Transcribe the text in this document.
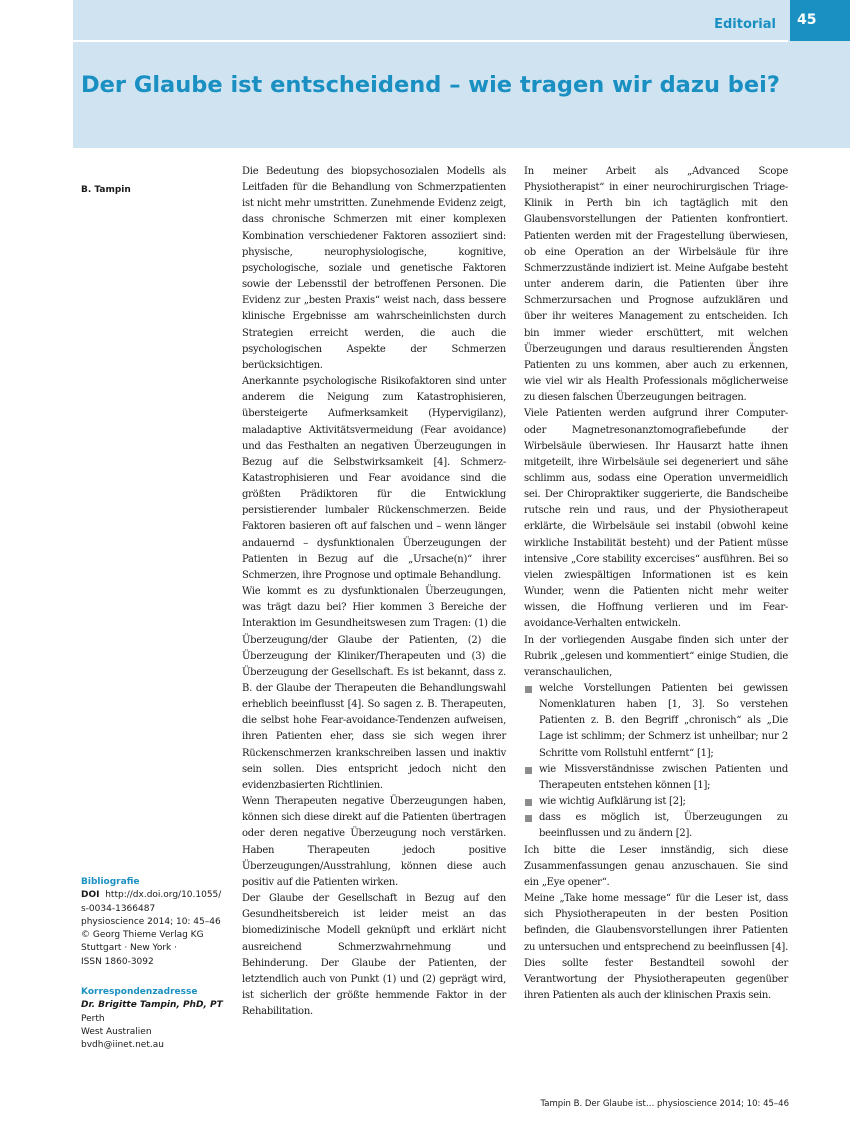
Editorial	45
Der Glaube ist entscheidend – wie tragen wir dazu bei?
B. Tampin
Bibliografie
DOI http://dx.doi.org/10.1055/
s-0034-1366487
physioscience 2014; 10: 45–46
© Georg Thieme Verlag KG
Stuttgart · New York ·
ISSN 1860-3092
Korrespondenzadresse
Dr. Brigitte Tampin, PhD, PT
Perth
West Australien
bvdh@iinet.net.au

Die Bedeutung des biopsychosozialen Modells als Leitfaden für die Behandlung von Schmerzpatienten ist nicht mehr umstritten. Zunehmende Evidenz zeigt, dass chronische Schmerzen mit einer komplexen Kombination verschiedener Faktoren assoziiert sind: physische, neurophysiologische, kognitive, psychologische, soziale und genetische Faktoren sowie der Lebensstil der betroffenen Personen. Die Evidenz zur „besten Praxis“ weist nach, dass bessere klinische Ergebnisse am wahrscheinlichsten durch Strategien erreicht werden, die auch die psychologischen Aspekte der Schmerzen berücksichtigen.

Anerkannte psychologische Risikofaktoren sind unter anderem die Neigung zum Katastrophisieren, übersteigerte Aufmerksamkeit (Hypervigilanz), maladaptive Aktivitätsvermeidung (Fear avoidance) und das Festhalten an negativen Überzeugungen in Bezug auf die Selbstwirksamkeit [4]. Schmerz-Katastrophisieren und Fear avoidance sind die größten Prädiktoren für die Entwicklung persistierender lumbaler Rückenschmerzen. Beide Faktoren basieren oft auf falschen und – wenn länger andauernd – dysfunktionalen Überzeugungen der Patienten in Bezug auf die „Ursache(n)“ ihrer Schmerzen, ihre Prognose und optimale Behandlung.

Wie kommt es zu dysfunktionalen Überzeugungen, was trägt dazu bei? Hier kommen 3 Bereiche der Interaktion im Gesundheitswesen zum Tragen: (1) die Überzeugung/der Glaube der Patienten, (2) die Überzeugung der Kliniker/Therapeuten und (3) die Überzeugung der Gesellschaft. Es ist bekannt, dass z. B. der Glaube der Therapeuten die Behandlungswahl erheblich beeinflusst [4]. So sagen z. B. Therapeuten, die selbst hohe Fear-avoidance-Tendenzen aufweisen, ihren Patienten eher, dass sie sich wegen ihrer Rückenschmerzen krankschreiben lassen und inaktiv sein sollen. Dies entspricht jedoch nicht den evidenzbasierten Richtlinien.

Wenn Therapeuten negative Überzeugungen haben, können sich diese direkt auf die Patienten übertragen oder deren negative Überzeugung noch verstärken. Haben Therapeuten jedoch positive Überzeugungen/Ausstrahlung, können diese auch positiv auf die Patienten wirken.

Der Glaube der Gesellschaft in Bezug auf den Gesundheitsbereich ist leider meist an das biomedizinische Modell geknüpft und erklärt nicht ausreichend Schmerzwahrnehmung und Behinderung. Der Glaube der Patienten, der letztendlich auch von Punkt (1) und (2) geprägt wird, ist sicherlich der größte hemmende Faktor in der Rehabilitation.

In meiner Arbeit als „Advanced Scope Physiotherapist“ in einer neurochirurgischen Triage-Klinik in Perth bin ich tagtäglich mit den Glaubensvorstellungen der Patienten konfrontiert. Patienten werden mit der Fragestellung überwiesen, ob eine Operation an der Wirbelsäule für ihre Schmerzzustände indiziert ist. Meine Aufgabe besteht unter anderem darin, die Patienten über ihre Schmerzursachen und Prognose aufzuklären und über ihr weiteres Management zu entscheiden. Ich bin immer wieder erschüttert, mit welchen Überzeugungen und daraus resultierenden Ängsten Patienten zu uns kommen, aber auch zu erkennen, wie viel wir als Health Professionals möglicherweise zu diesen falschen Überzeugungen beitragen.

Viele Patienten werden aufgrund ihrer Computer- oder Magnetresonanztomografiebefunde der Wirbelsäule überwiesen. Ihr Hausarzt hatte ihnen mitgeteilt, ihre Wirbelsäule sei degeneriert und sähe schlimm aus, sodass eine Operation unvermeidlich sei. Der Chiropraktiker suggerierte, die Bandscheibe rutsche rein und raus, und der Physiotherapeut erklärte, die Wirbelsäule sei instabil (obwohl keine wirkliche Instabilität besteht) und der Patient müsse intensive „Core stability excercises“ ausführen. Bei so vielen zwiespältigen Informationen ist es kein Wunder, wenn die Patienten nicht mehr weiter wissen, die Hoffnung verlieren und im Fear-avoidance-Verhalten entwickeln.

In der vorliegenden Ausgabe finden sich unter der Rubrik „gelesen und kommentiert“ einige Studien, die veranschaulichen,

welche Vorstellungen Patienten bei gewissen Nomenklaturen haben [1, 3]. So verstehen Patienten z. B. den Begriff „chronisch“ als „Die Lage ist schlimm; der Schmerz ist unheilbar; nur 2 Schritte vom Rollstuhl entfernt“ [1];
wie Missverständnisse zwischen Patienten und Therapeuten entstehen können [1];
wie wichtig Aufklärung ist [2];
dass es möglich ist, Überzeugungen zu beeinflussen und zu ändern [2].

Ich bitte die Leser innständig, sich diese Zusammenfassungen genau anzuschauen. Sie sind ein „Eye opener“.

Meine „Take home message“ für die Leser ist, dass sich Physiotherapeuten in der besten Position befinden, die Glaubensvorstellungen ihrer Patienten zu untersuchen und entsprechend zu beeinflussen [4]. Dies sollte fester Bestandteil sowohl der Verantwortung der Physiotherapeuten gegenüber ihren Patienten als auch der klinischen Praxis sein.

Tampin B. Der Glaube ist… physioscience 2014; 10: 45–46
